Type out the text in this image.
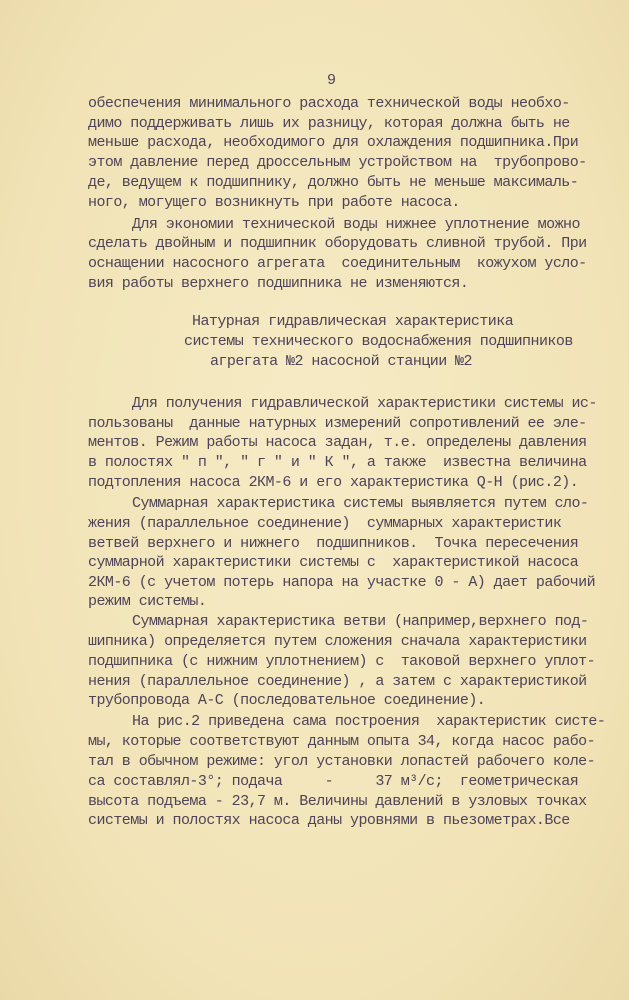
9
обеспечения минимального расхода технической воды необхо-
димо поддерживать лишь их разницу, которая должна быть не
меньше расхода, необходимого для охлаждения подшипника.При
этом давление перед дроссельным устройством на  трубопрово-
де, ведущем к подшипнику, должно быть не меньше максималь-
ного, могущего возникнуть при работе насоса.
Для экономии технической воды нижнее уплотнение можно
сделать двойным и подшипник оборудовать сливной трубой. При
оснащении насосного агрегата  соединительным  кожухом усло-
вия работы верхнего подшипника не изменяются.
Натурная гидравлическая характеристика
системы технического водоснабжения подшипников
агрегата №2 насосной станции №2
Для получения гидравлической характеристики системы ис-
пользованы  данные натурных измерений сопротивлений ее эле-
ментов. Режим работы насоса задан, т.е. определены давления
в полостях " п ", " г " и " К ", а также  известна величина
подтопления насоса 2КМ-6 и его характеристика Q-H (рис.2).
Суммарная характеристика системы выявляется путем сло-
жения (параллельное соединение)  суммарных характеристик
ветвей верхнего и нижнего  подшипников.  Точка пересечения
суммарной характеристики системы с  характеристикой насоса
2КМ-6 (с учетом потерь напора на участке 0 - А) дает рабочий
режим системы.
Суммарная характеристика ветви (например,верхнего под-
шипника) определяется путем сложения сначала характеристики
подшипника (с нижним уплотнением) с  таковой верхнего уплот-
нения (параллельное соединение) , а затем с характеристикой
трубопровода А-С (последовательное соединение).
На рис.2 приведена сама построения  характеристик систе-
мы, которые соответствуют данным опыта 34, когда насос рабо-
тал в обычном режиме: угол установки лопастей рабочего коле-
са составлял-3°; подача     -     37 м³/с;  геометрическая
высота подъема - 23,7 м. Величины давлений в узловых точках
системы и полостях насоса даны уровнями в пьезометрах.Все
